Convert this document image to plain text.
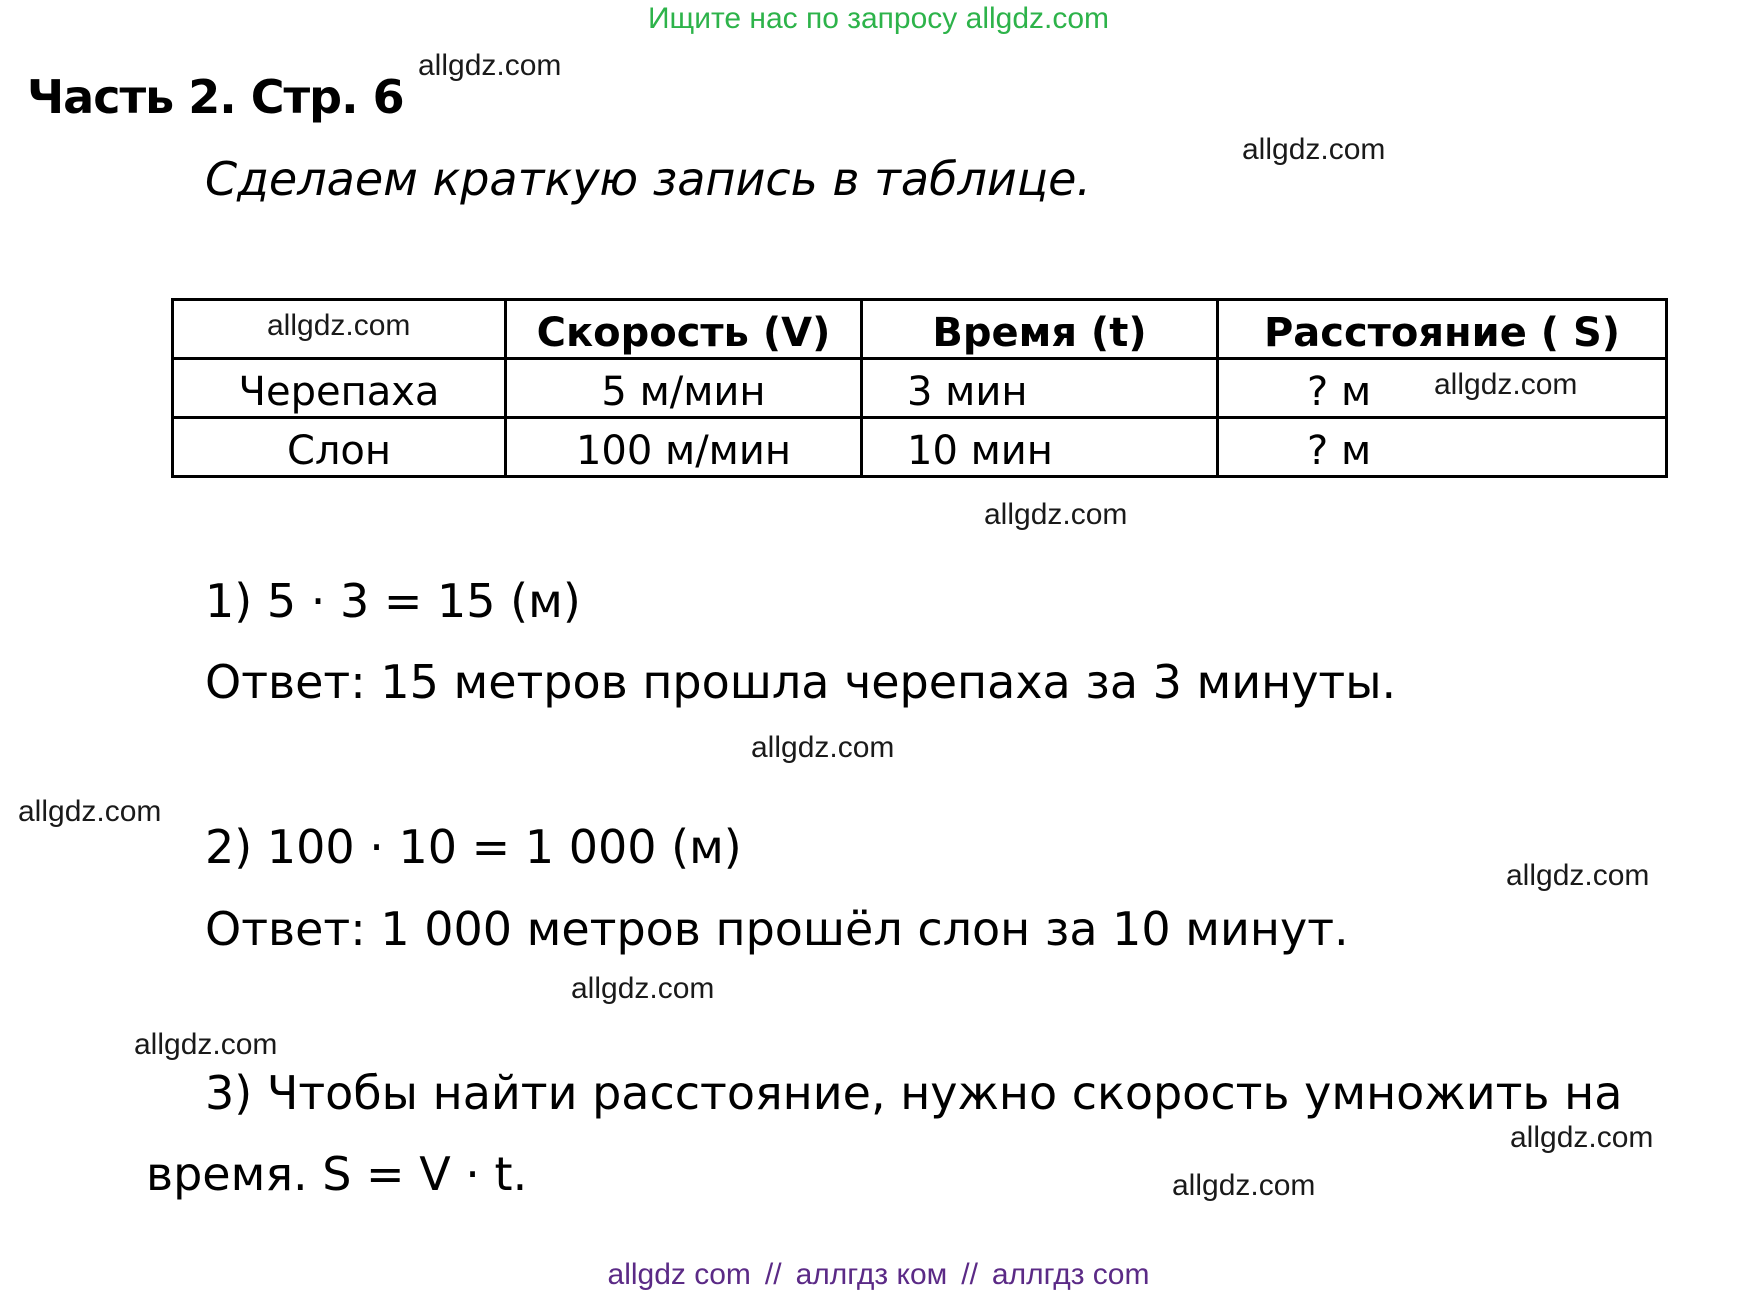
Ищите нас по запросу allgdz.com
Часть 2. Стр. 6
Сделаем краткую запись в таблице.
allgdz.com	Скорость (V)	Время (t)	Расстояние ( S)
Черепаха	5 м/мин	3 мин	? м allgdz.com

Слон	100 м/мин	10 мин	? м
1) 5 · 3 = 15 (м)
Ответ: 15 метров прошла черепаха за 3 минуты.
2) 100 · 10 = 1 000 (м)
Ответ: 1 000 метров прошёл слон за 10 минут.
3) Чтобы найти расстояние, нужно скорость умножить на
время. S = V · t.
allgdz.com
allgdz.com
allgdz.com
allgdz.com
allgdz.com
allgdz.com
allgdz.com
allgdz.com
allgdz.com
allgdz.com
allgdz com // аллгдз ком // аллгдз com
